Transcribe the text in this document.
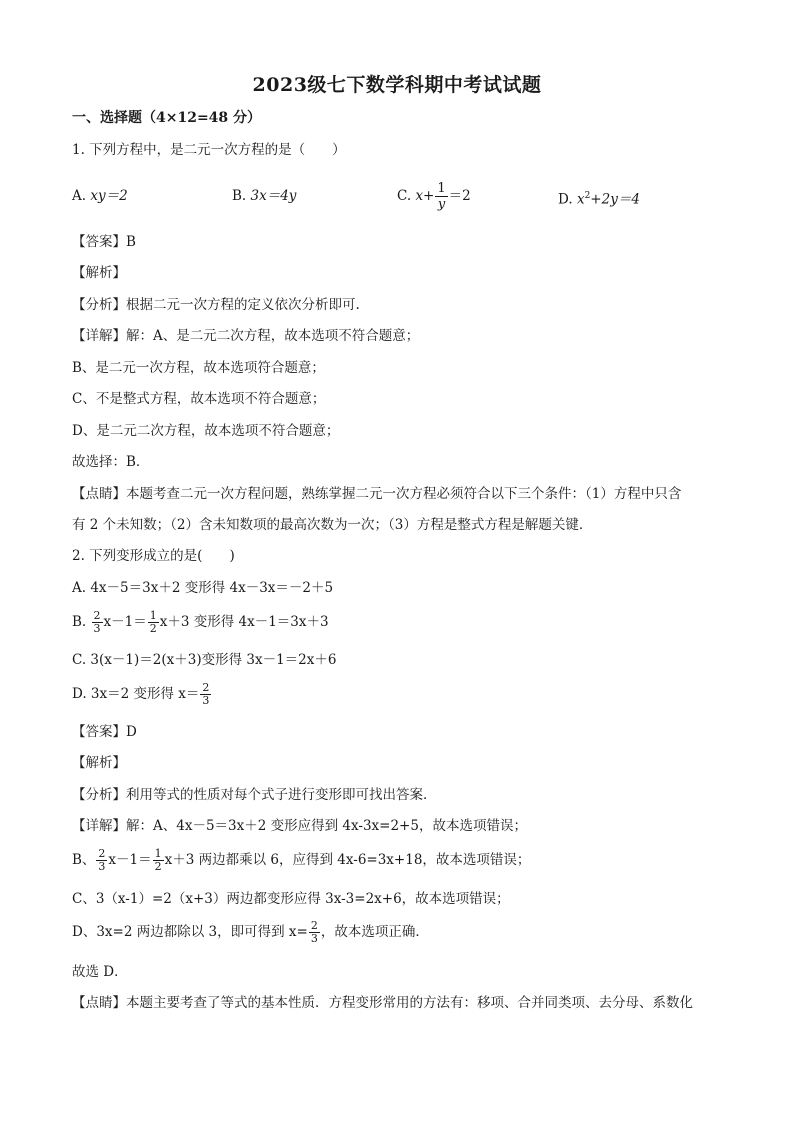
2023级七下数学科期中考试试题
一、选择题（4×12=48 分）
1. 下列方程中，是二元一次方程的是（　　）
A. xy＝2	B. 3x＝4y	C. $x+ \frac{1}{y} =2$	D. $x^2+2y=4$
【答案】B
【解析】
【分析】根据二元一次方程的定义依次分析即可.
【详解】解：A、是二元二次方程，故本选项不符合题意；
B、是二元一次方程，故本选项符合题意；
C、不是整式方程，故本选项不符合题意；
D、是二元二次方程，故本选项不符合题意；
故选择：B．
【点睛】本题考查二元一次方程问题，熟练掌握二元一次方程必须符合以下三个条件：（1）方程中只含
有 2 个未知数；（2）含未知数项的最高次数为一次；（3）方程是整式方程是解题关键．
2. 下列变形成立的是(　　)
A. 4x－5＝3x＋2 变形得 4x－3x＝－2＋5
B. $\frac{2}{3} x-1= \frac{1}{2} x+3$ 变形得 4x－1＝3x＋3
C. 3(x－1)＝2(x＋3)变形得 3x－1＝2x＋6
D. 3x＝2 变形得 $x= \frac{2}{3}$
【答案】D
【解析】
【分析】利用等式的性质对每个式子进行变形即可找出答案．
【详解】解：A、4x－5＝3x＋2 变形应得到 4x-3x=2+5，故本选项错误；
B、 $\frac{2}{3} x-1= \frac{1}{2} x+3$ 两边都乘以 6，应得到 4x-6=3x+18，故本选项错误；
C、3（x-1）=2（x+3）两边都变形应得 3x-3=2x+6，故本选项错误；
D、3x=2 两边都除以 3，即可得到 $x= \frac{2}{3}$ ，故本选项正确．
故选 D．
【点睛】本题主要考查了等式的基本性质．方程变形常用的方法有：移项、合并同类项、去分母、系数化
